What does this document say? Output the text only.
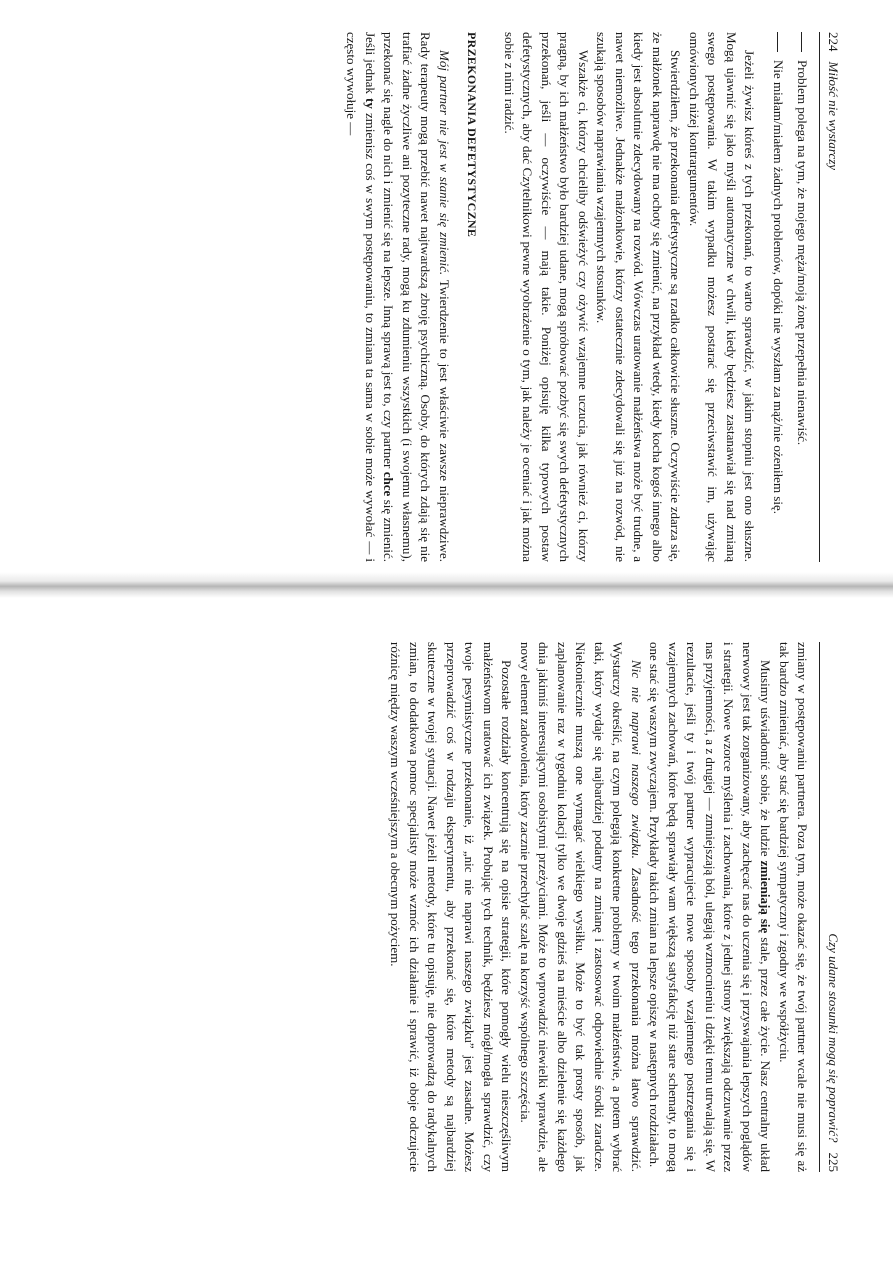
224Miłość nie wystarczy
Problem polega na tym, że mojego męża/moją żonę przepełnia nienawiść.
Nie miałam/miałem żadnych problemów, dopóki nie wyszłam za mąż/nie ożeniłem się.

Jeżeli żywisz któreś z tych przekonań, to warto sprawdzić, w jakim stopniu jest ono słuszne. Mogą ujawnić się jako myśli automatyczne w chwili, kiedy będziesz zastanawiał się nad zmianą swego postępowania. W takim wypadku możesz postarać się przeciwstawić im, używając omówionych niżej kontrargumentów.

Stwierdziłem, że przekonania defetystyczne są rzadko całkowicie słuszne. Oczywiście zdarza się, że małżonek naprawdę nie ma ochoty się zmienić, na przykład wtedy, kiedy kocha kogoś innego albo kiedy jest absolutnie zdecydowany na rozwód. Wówczas uratowanie małżeństwa może być trudne, a nawet niemożliwe. Jednakże małżonkowie, którzy ostatecznie zdecydowali się już na rozwód, nie szukają sposobów naprawiania wzajemnych stosunków.

Wszakże ci, którzy chcieliby odświeżyć czy ożywić wzajemne uczucia, jak również ci, którzy pragną, by ich małżeństwo było bardziej udane, mogą spróbować pozbyć się swych defetystycznych przekonań, jeśli — oczywiście — mają takie. Poniżej opisuję kilka typowych postaw defetystycznych, aby dać Czytelnikowi pewne wyobrażenie o tym, jak należy je oceniać i jak można sobie z nimi radzić.

PRZEKONANIA DEFETYSTYCZNE

Mój partner nie jest w stanie się zmienić. Twierdzenie to jest właściwie zawsze nieprawdziwe. Rady terapeuty mogą przebić nawet najtwardszą zbroję psychiczną. Osoby, do których zdają się nie trafiać żadne życzliwe ani pozyteczne rady, mogą ku zdumieniu wszystkich (i swojemu własnemu), przekonać się nagle do nich i zmienić się na lepsze. Inną sprawą jest to, czy partner chce się zmienić. Jeśli jednak ty zmienisz coś w swym postępowaniu, to zmiana ta sama w sobie może wywołać — i często wywołuje —

Czy udane stosunki mogą się poprawić?225

zmiany w postępowaniu partnera. Poza tym, może okazać się, że twój partner wcale nie musi się aż tak bardzo zmieniać, aby stać się bardziej sympatyczny i zgodny we współżyciu.

Musimy uświadomić sobie, że ludzie zmieniają się stale, przez całe życie. Nasz centralny układ nerwowy jest tak zorganizowany, aby zachęcać nas do uczenia się i przyswajania lepszych poglądów i strategii. Nowe wzorce myślenia i zachowania, które z jednej strony zwiększają odczuwanie przez nas przyjemności, a z drugiej — zmniejszają ból, ulegają wzmocnieniu i dzięki temu utrwalają się. W rezultacie, jeśli ty i twój partner wypracujecie nowe sposoby wzajemnego postrzegania się i wzajemnych zachowań, które będą sprawiały wam większą satysfakcję niż stare schematy, to mogą one stać się waszym zwyczajem. Przykłady takich zmian na lepsze opiszę w następnych rozdziałach.

Nic nie naprawi naszego związku. Zasadność tego przekonania można łatwo sprawdzić. Wystarczy określić, na czym polegają konkretne problemy w twoim małżeństwie, a potem wybrać taki, który wydaje się najbardziej podatny na zmianę i zastosować odpowiednie środki zaradcze. Niekoniecznie muszą one wymagać wielkiego wysiłku. Może to być tak prosty sposób, jak zaplanowanie raz w tygodniu kolacji tylko we dwoje gdzieś na mieście albo dzielenie się każdego dnia jakimiś interesującymi osobistymi przeżyciami. Może to wprowadzić niewielki wprawdzie, ale nowy element zadowolenia, który zacznie przechylać szalę na korzyść wspólnego szczęścia.

Pozostałe rozdziały koncentrują się na opisie strategii, które pomogły wielu nieszczęśliwym małżeństwom uratować ich związek. Probując tych technik, będziesz mógł/mogła sprawdzić, czy twoje pesymistyczne przekonanie, iż „nic nie naprawi naszego związku” jest zasadne. Możesz przeprowadzić coś w rodzaju eksperymentu, aby przekonać się, które metody są najbardziej skuteczne w twojej sytuacji. Nawet jeżeli metody, które tu opisuję, nie doprowadzą do radykalnych zmian, to dodatkowa pomoc specjalisty może wzmóc ich działanie i sprawić, iż oboje odczujecie różnicę między waszym wcześniejszym a obecnym pożyciem.
